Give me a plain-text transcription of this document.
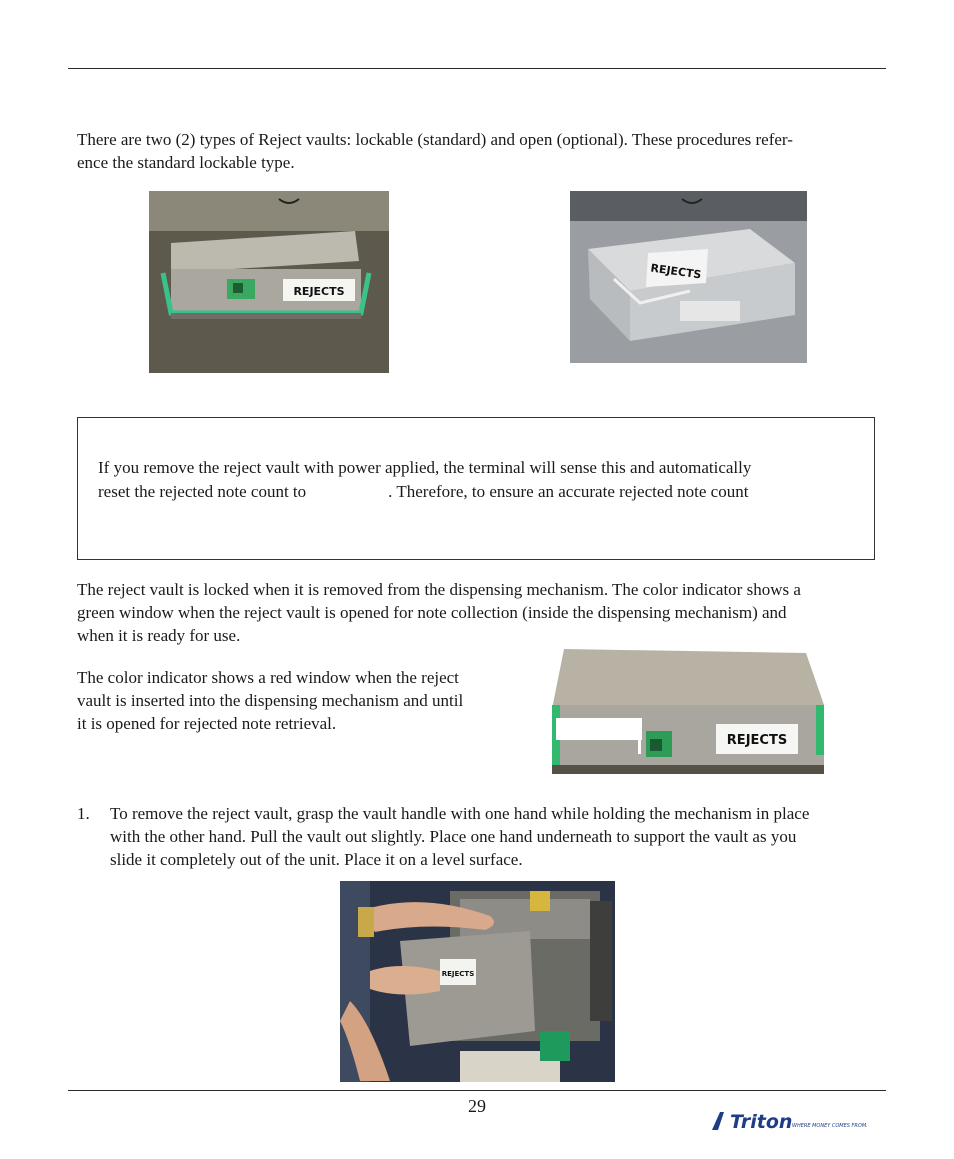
There are two (2) types of Reject vaults: lockable (standard) and open (optional). These procedures refer-
ence the standard lockable type.

REJECTS
REJECTS
If you remove the reject vault with power applied, the terminal will sense this and automatically
reset the rejected note count to	. Therefore, to ensure an accurate rejected note count

The reject vault is locked when it is removed from the dispensing mechanism. The color indicator shows a
green window when the reject vault is opened for note collection (inside the dispensing mechanism) and
when it is ready for use.

The color indicator shows a red window when the reject
vault is inserted into the dispensing mechanism and until
it is opened for rejected note retrieval.

REJECTS
1. To remove the reject vault, grasp the vault handle with one hand while holding the mechanism in place
with the other hand. Pull the vault out slightly. Place one hand underneath to support the vault as you
slide it completely out of the unit. Place it on a level surface.
REJECTS
29
Triton WHERE MONEY COMES FROM.
